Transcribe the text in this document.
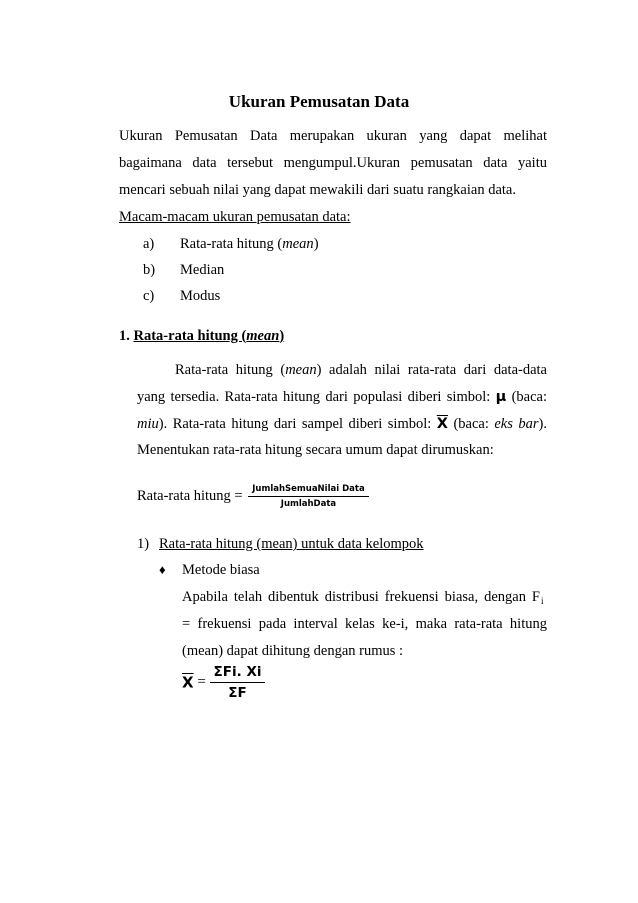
Ukuran Pemusatan Data
Ukuran Pemusatan Data merupakan ukuran yang dapat melihat
bagaimana data tersebut mengumpul.Ukuran pemusatan data yaitu
mencari sebuah nilai yang dapat mewakili dari suatu rangkaian data.
Macam-macam ukuran pemusatan data:
a) Rata-rata hitung (mean)
b) Median
c) Modus
1. Rata-rata hitung (mean)
Rata-rata hitung (mean) adalah nilai rata-rata dari data-data
yang tersedia. Rata-rata hitung dari populasi diberi simbol: μ (baca:
miu). Rata-rata hitung dari sampel diberi simbol: $\overline{X}$ (baca: eks bar).
Menentukan rata-rata hitung secara umum dapat dirumuskan:
Rata-rata hitung = $\frac{\text{JumlahSemuaNilai Data}}{\text{JumlahData}}$
1) Rata-rata hitung (mean) untuk data kelompok
♦ Metode biasa
Apabila telah dibentuk distribusi frekuensi biasa, dengan F i
= frekuensi pada interval kelas ke-i, maka rata-rata hitung
(mean) dapat dihitung dengan rumus :
$\overline{X} = \frac{\text{ΣFi. Xi}}{\Sigma F}$
